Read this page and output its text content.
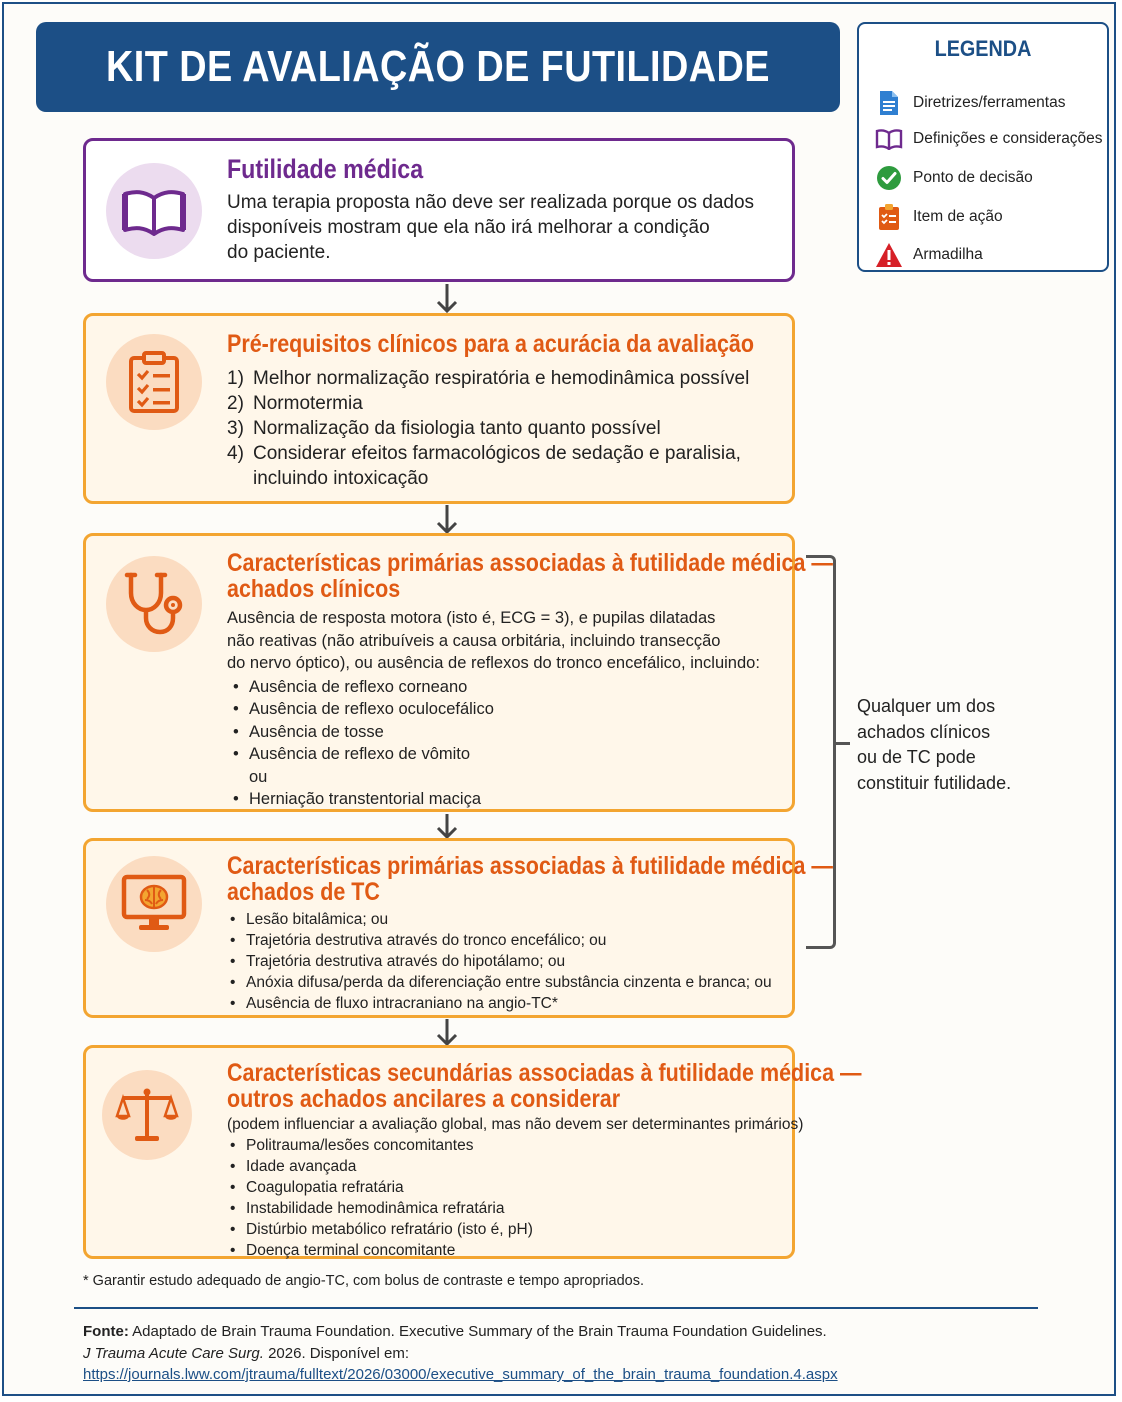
KIT DE AVALIAÇÃO DE FUTILIDADE	LEGENDA
Diretrizes/ferramentas
Definições e considerações
Ponto de decisão
Item de ação
Armadilha
Futilidade médica
Uma terapia proposta não deve ser realizada porque os dados
disponíveis mostram que ela não irá melhorar a condição
do paciente.
Pré-requisitos clínicos para a acurácia da avaliação
1) Melhor normalização respiratória e hemodinâmica possível
2) Normotermia
3) Normalização da fisiologia tanto quanto possível
4) Considerar efeitos farmacológicos de sedação e paralisia,
incluindo intoxicação
Características primárias associadas à futilidade médica —
achados clínicos
Ausência de resposta motora (isto é, ECG = 3), e pupilas dilatadas
não reativas (não atribuíveis a causa orbitária, incluindo transecção
do nervo óptico), ou ausência de reflexos do tronco encefálico, incluindo:
• Ausência de reflexo corneano
• Ausência de reflexo oculocefálico
• Ausência de tosse
• Ausência de reflexo de vômito
ou
• Herniação transtentorial maciça
Características primárias associadas à futilidade médica —
achados de TC
• Lesão bitalâmica; ou
• Trajetória destrutiva através do tronco encefálico; ou
• Trajetória destrutiva através do hipotálamo; ou
• Anóxia difusa/perda da diferenciação entre substância cinzenta e branca; ou
• Ausência de fluxo intracraniano na angio-TC*
Características secundárias associadas à futilidade médica —
outros achados ancilares a considerar
(podem influenciar a avaliação global, mas não devem ser determinantes primários)
• Politrauma/lesões concomitantes
• Idade avançada
• Coagulopatia refratária
• Instabilidade hemodinâmica refratária
• Distúrbio metabólico refratário (isto é, pH)
• Doença terminal concomitante
Qualquer um dos
achados clínicos
ou de TC pode
constituir futilidade.
* Garantir estudo adequado de angio-TC, com bolus de contraste e tempo apropriados.
Fonte: Adaptado de Brain Trauma Foundation. Executive Summary of the Brain Trauma Foundation Guidelines.
J Trauma Acute Care Surg. 2026. Disponível em:
https://journals.lww.com/jtrauma/fulltext/2026/03000/executive_summary_of_the_brain_trauma_foundation.4.aspx
